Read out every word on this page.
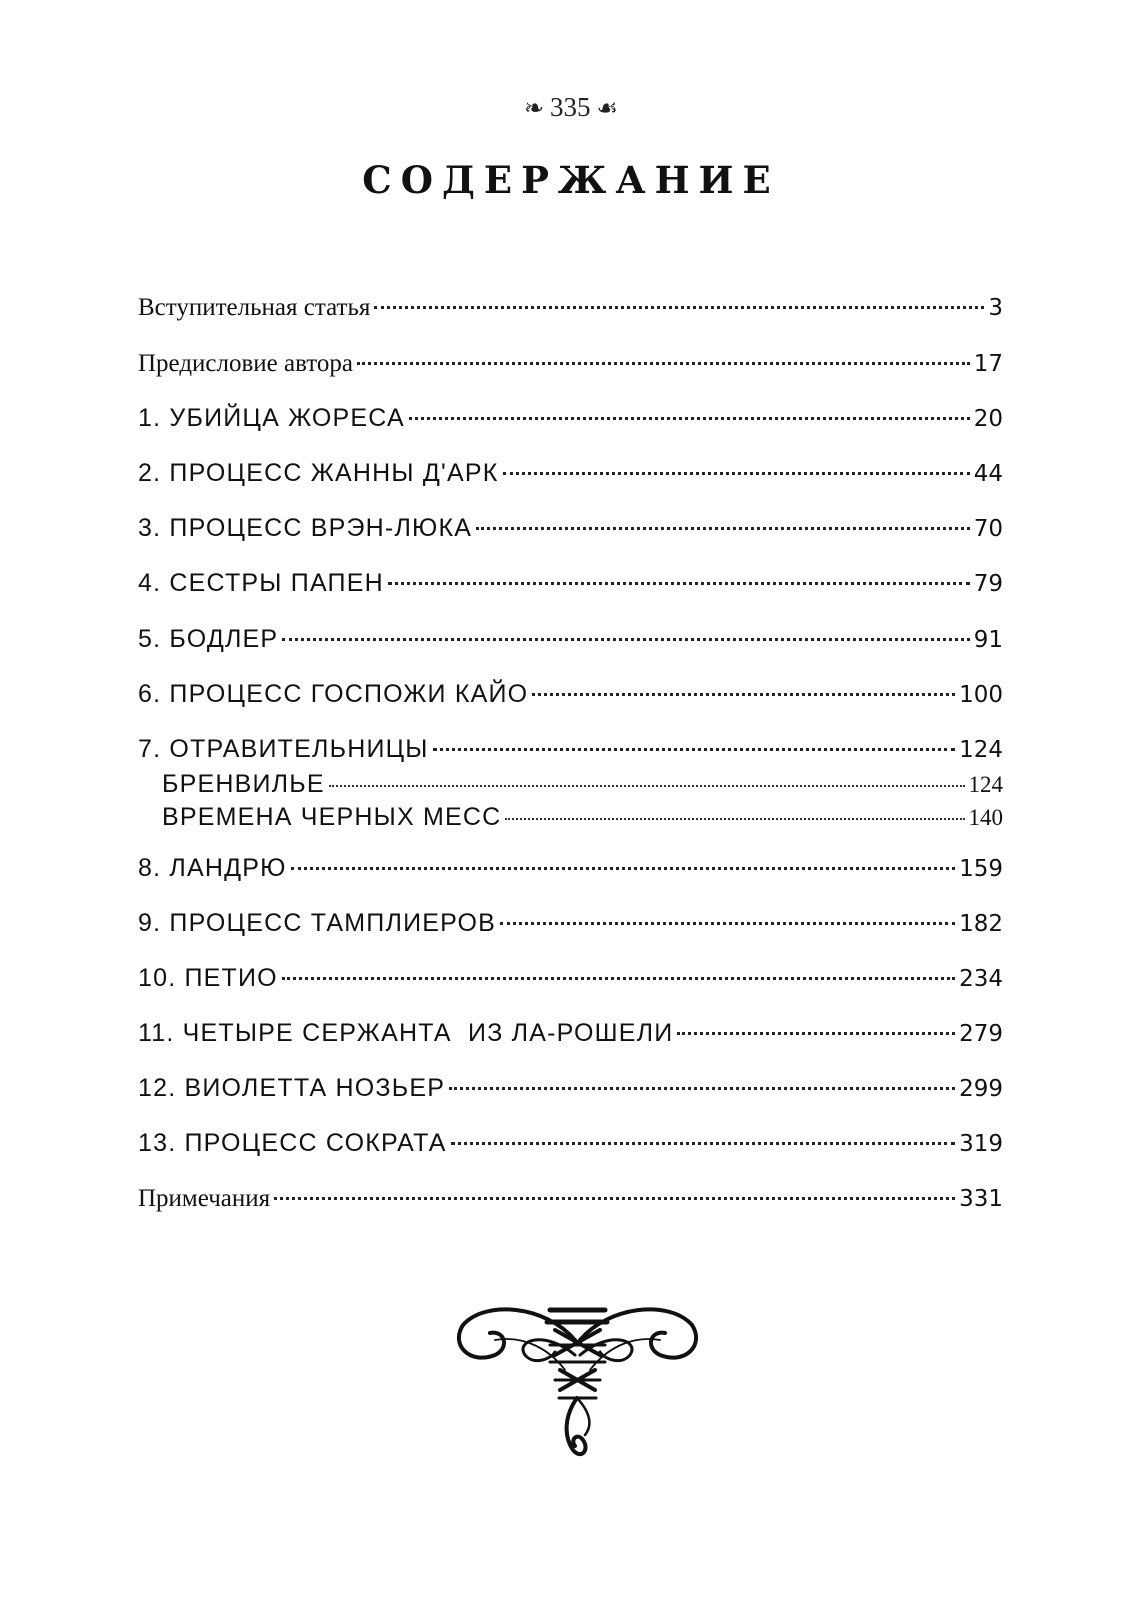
❧ 335 ☙
СОДЕРЖАНИЕ
Вступительная статья	3
Предисловие автора	17
1. УБИЙЦА ЖОРЕСА	20
2. ПРОЦЕСС ЖАННЫ Д'АРК	44
3. ПРОЦЕСС ВРЭН-ЛЮКА	70
4. СЕСТРЫ ПАПЕН	79
5. БОДЛЕР	91
6. ПРОЦЕСС ГОСПОЖИ КАЙО	100
7. ОТРАВИТЕЛЬНИЦЫ	124
БРЕНВИЛЬЕ	124
ВРЕМЕНА ЧЕРНЫХ МЕСС	140
8. ЛАНДРЮ	159
9. ПРОЦЕСС ТАМПЛИЕРОВ	182
10. ПЕТИО	234
11. ЧЕТЫРЕ СЕРЖАНТА  ИЗ ЛА-РОШЕЛИ	279
12. ВИОЛЕТТА НОЗЬЕР	299
13. ПРОЦЕСС СОКРАТА	319
Примечания	331
